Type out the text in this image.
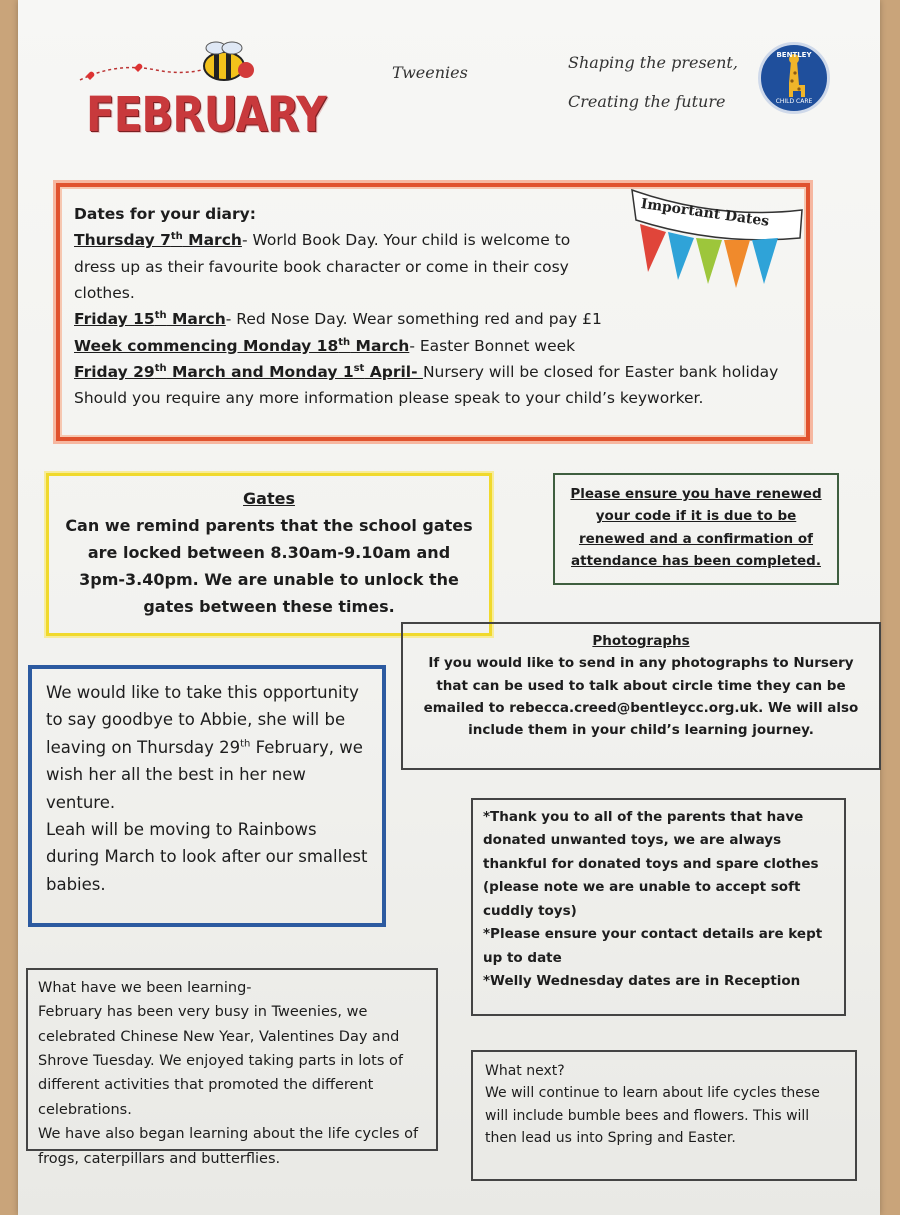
FEBRUARY
Tweenies
Shaping the present,
Creating the future
BENTLEY
CHILD CARE
Dates for your diary:
Thursday 7th March- World Book Day. Your child is welcome to dress up as their favourite book character or come in their cosy clothes.
Friday 15th March- Red Nose Day. Wear something red and pay £1
Week commencing Monday 18th March- Easter Bonnet week
Friday 29th March and Monday 1st April- Nursery will be closed for Easter bank holiday
Should you require any more information please speak to your child’s keyworker.
Important Dates
Gates
Can we remind parents that the school gates are locked between 8.30am-9.10am and 3pm-3.40pm. We are unable to unlock the gates between these times.
Please ensure you have renewed your code if it is due to be renewed and a confirmation of attendance has been completed.
Photographs
If you would like to send in any photographs to Nursery that can be used to talk about circle time they can be emailed to rebecca.creed@bentleycc.org.uk. We will also include them in your child’s learning journey.
We would like to take this opportunity to say goodbye to Abbie, she will be leaving on Thursday 29th February, we wish her all the best in her new venture.
Leah will be moving to Rainbows during March to look after our smallest babies.
*Thank you to all of the parents that have donated unwanted toys, we are always thankful for donated toys and spare clothes (please note we are unable to accept soft cuddly toys)
*Please ensure your contact details are kept up to date
*Welly Wednesday dates are in Reception
What have we been learning-
February has been very busy in Tweenies, we celebrated Chinese New Year, Valentines Day and Shrove Tuesday. We enjoyed taking parts in lots of different activities that promoted the different celebrations.
We have also began learning about the life cycles of frogs, caterpillars and butterflies.
What next?
We will continue to learn about life cycles these will include bumble bees and flowers. This will then lead us into Spring and Easter.
